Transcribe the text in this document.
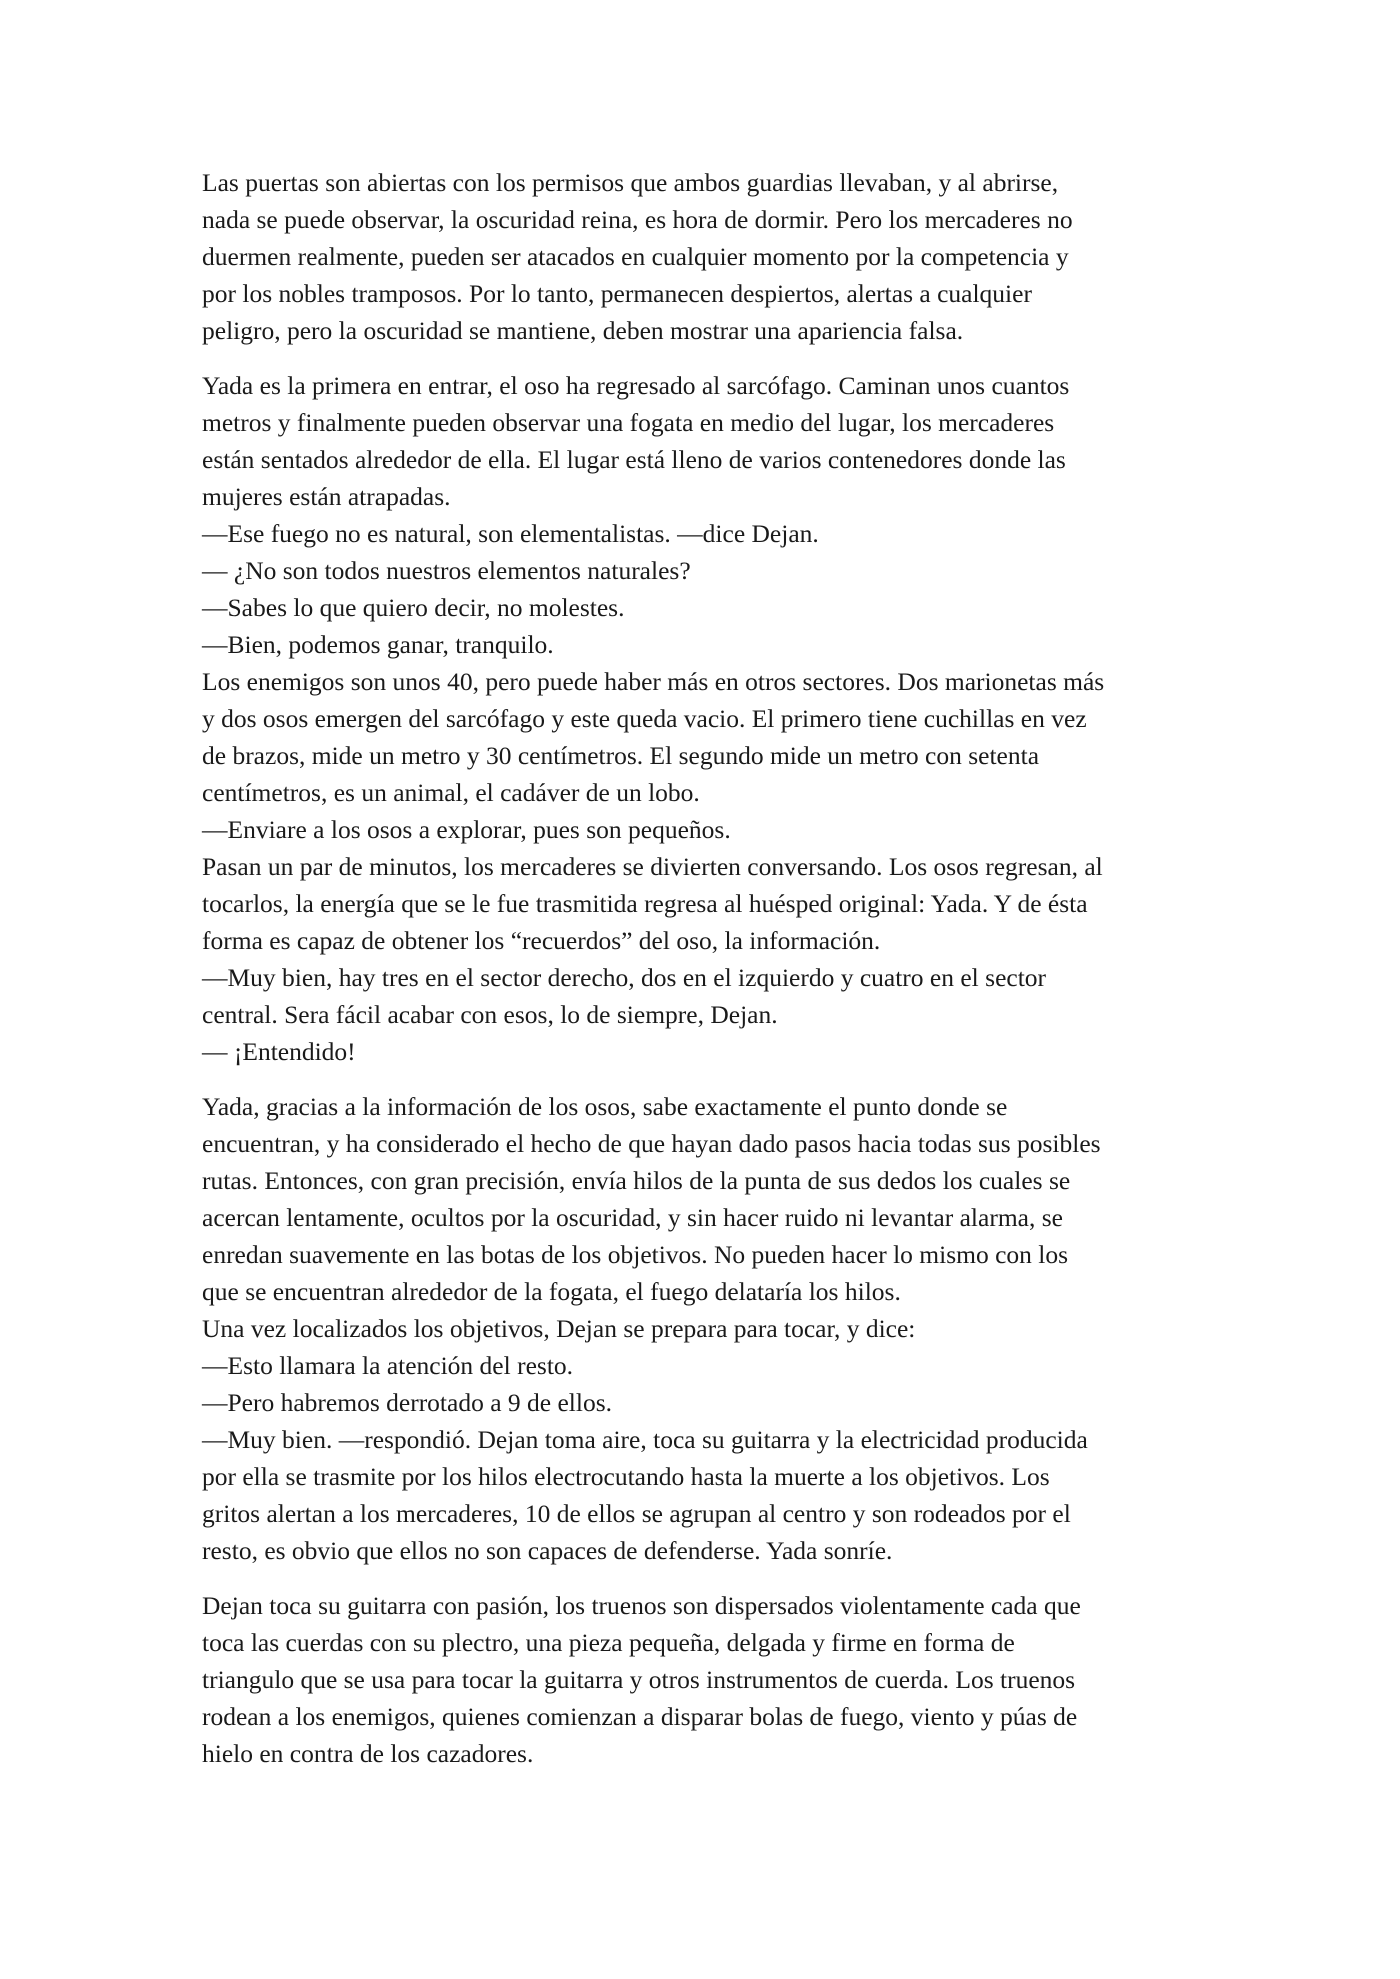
Las puertas son abiertas con los permisos que ambos guardias llevaban, y al abrirse,
nada se puede observar, la oscuridad reina, es hora de dormir. Pero los mercaderes no
duermen realmente, pueden ser atacados en cualquier momento por la competencia y
por los nobles tramposos. Por lo tanto, permanecen despiertos, alertas a cualquier
peligro, pero la oscuridad se mantiene, deben mostrar una apariencia falsa.
Yada es la primera en entrar, el oso ha regresado al sarcófago. Caminan unos cuantos
metros y finalmente pueden observar una fogata en medio del lugar, los mercaderes
están sentados alrededor de ella. El lugar está lleno de varios contenedores donde las
mujeres están atrapadas.
—Ese fuego no es natural, son elementalistas. —dice Dejan.
— ¿No son todos nuestros elementos naturales?
—Sabes lo que quiero decir, no molestes.
—Bien, podemos ganar, tranquilo.
Los enemigos son unos 40, pero puede haber más en otros sectores. Dos marionetas más
y dos osos emergen del sarcófago y este queda vacio. El primero tiene cuchillas en vez
de brazos, mide un metro y 30 centímetros. El segundo mide un metro con setenta
centímetros, es un animal, el cadáver de un lobo.
—Enviare a los osos a explorar, pues son pequeños.
Pasan un par de minutos, los mercaderes se divierten conversando. Los osos regresan, al
tocarlos, la energía que se le fue trasmitida regresa al huésped original: Yada. Y de ésta
forma es capaz de obtener los “recuerdos” del oso, la información.
—Muy bien, hay tres en el sector derecho, dos en el izquierdo y cuatro en el sector
central. Sera fácil acabar con esos, lo de siempre, Dejan.
— ¡Entendido!
Yada, gracias a la información de los osos, sabe exactamente el punto donde se
encuentran, y ha considerado el hecho de que hayan dado pasos hacia todas sus posibles
rutas. Entonces, con gran precisión, envía hilos de la punta de sus dedos los cuales se
acercan lentamente, ocultos por la oscuridad, y sin hacer ruido ni levantar alarma, se
enredan suavemente en las botas de los objetivos. No pueden hacer lo mismo con los
que se encuentran alrededor de la fogata, el fuego delataría los hilos.
Una vez localizados los objetivos, Dejan se prepara para tocar, y dice:
—Esto llamara la atención del resto.
—Pero habremos derrotado a 9 de ellos.
—Muy bien. —respondió. Dejan toma aire, toca su guitarra y la electricidad producida
por ella se trasmite por los hilos electrocutando hasta la muerte a los objetivos. Los
gritos alertan a los mercaderes, 10 de ellos se agrupan al centro y son rodeados por el
resto, es obvio que ellos no son capaces de defenderse. Yada sonríe.
Dejan toca su guitarra con pasión, los truenos son dispersados violentamente cada que
toca las cuerdas con su plectro, una pieza pequeña, delgada y firme en forma de
triangulo que se usa para tocar la guitarra y otros instrumentos de cuerda. Los truenos
rodean a los enemigos, quienes comienzan a disparar bolas de fuego, viento y púas de
hielo en contra de los cazadores.
